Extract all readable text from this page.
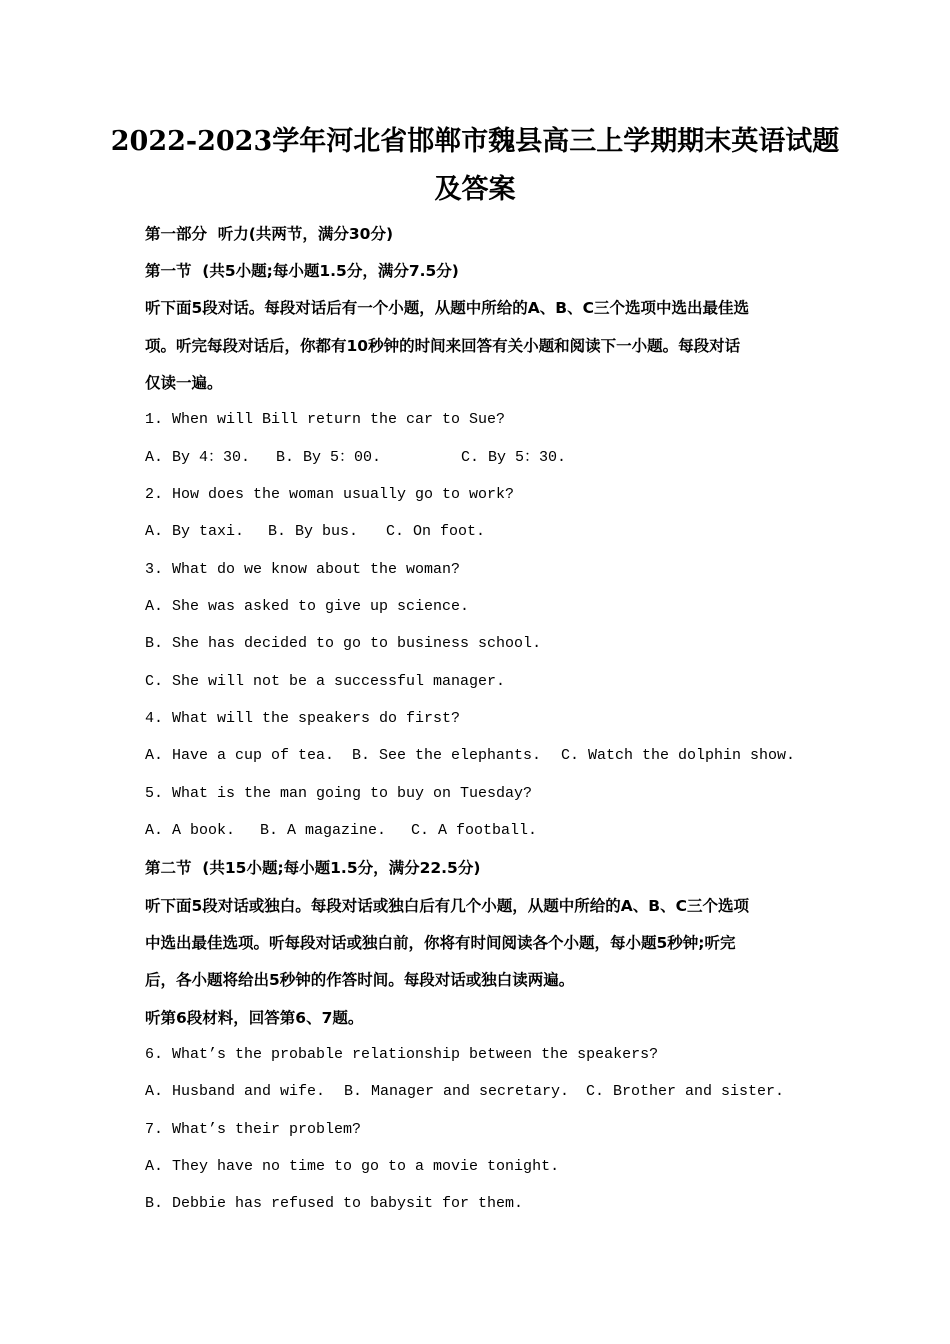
2022-2023学年河北省邯郸市魏县高三上学期期末英语试题
及答案
第一部分  听力(共两节，满分30分)
第一节  (共5小题;每小题1.5分，满分7.5分)
听下面5段对话。每段对话后有一个小题，从题中所给的A、B、C三个选项中选出最佳选
项。听完每段对话后，你都有10秒钟的时间来回答有关小题和阅读下一小题。每段对话
仅读一遍。
1. When will Bill return the car to Sue?
A. By 4：30. B. By 5：00.	C. By 5：30.
2. How does the woman usually go to work?
A. By taxi. B. By bus. C. On foot.
3. What do we know about the woman?
A. She was asked to give up science.
B. She has decided to go to business school.
C. She will not be a successful manager.
4. What will the speakers do first?
A. Have a cup of tea. B. See the elephants. C. Watch the dolphin show.
5. What is the man going to buy on Tuesday?
A. A book. B. A magazine. C. A football.
第二节  (共15小题;每小题1.5分，满分22.5分)
听下面5段对话或独白。每段对话或独白后有几个小题，从题中所给的A、B、C三个选项
中选出最佳选项。听每段对话或独白前，你将有时间阅读各个小题，每小题5秒钟;听完
后，各小题将给出5秒钟的作答时间。每段对话或独白读两遍。
听第6段材料，回答第6、7题。
6. What’s the probable relationship between the speakers?
A. Husband and wife. B. Manager and secretary. C. Brother and sister.
7. What’s their problem?
A. They have no time to go to a movie tonight.
B. Debbie has refused to babysit for them.
